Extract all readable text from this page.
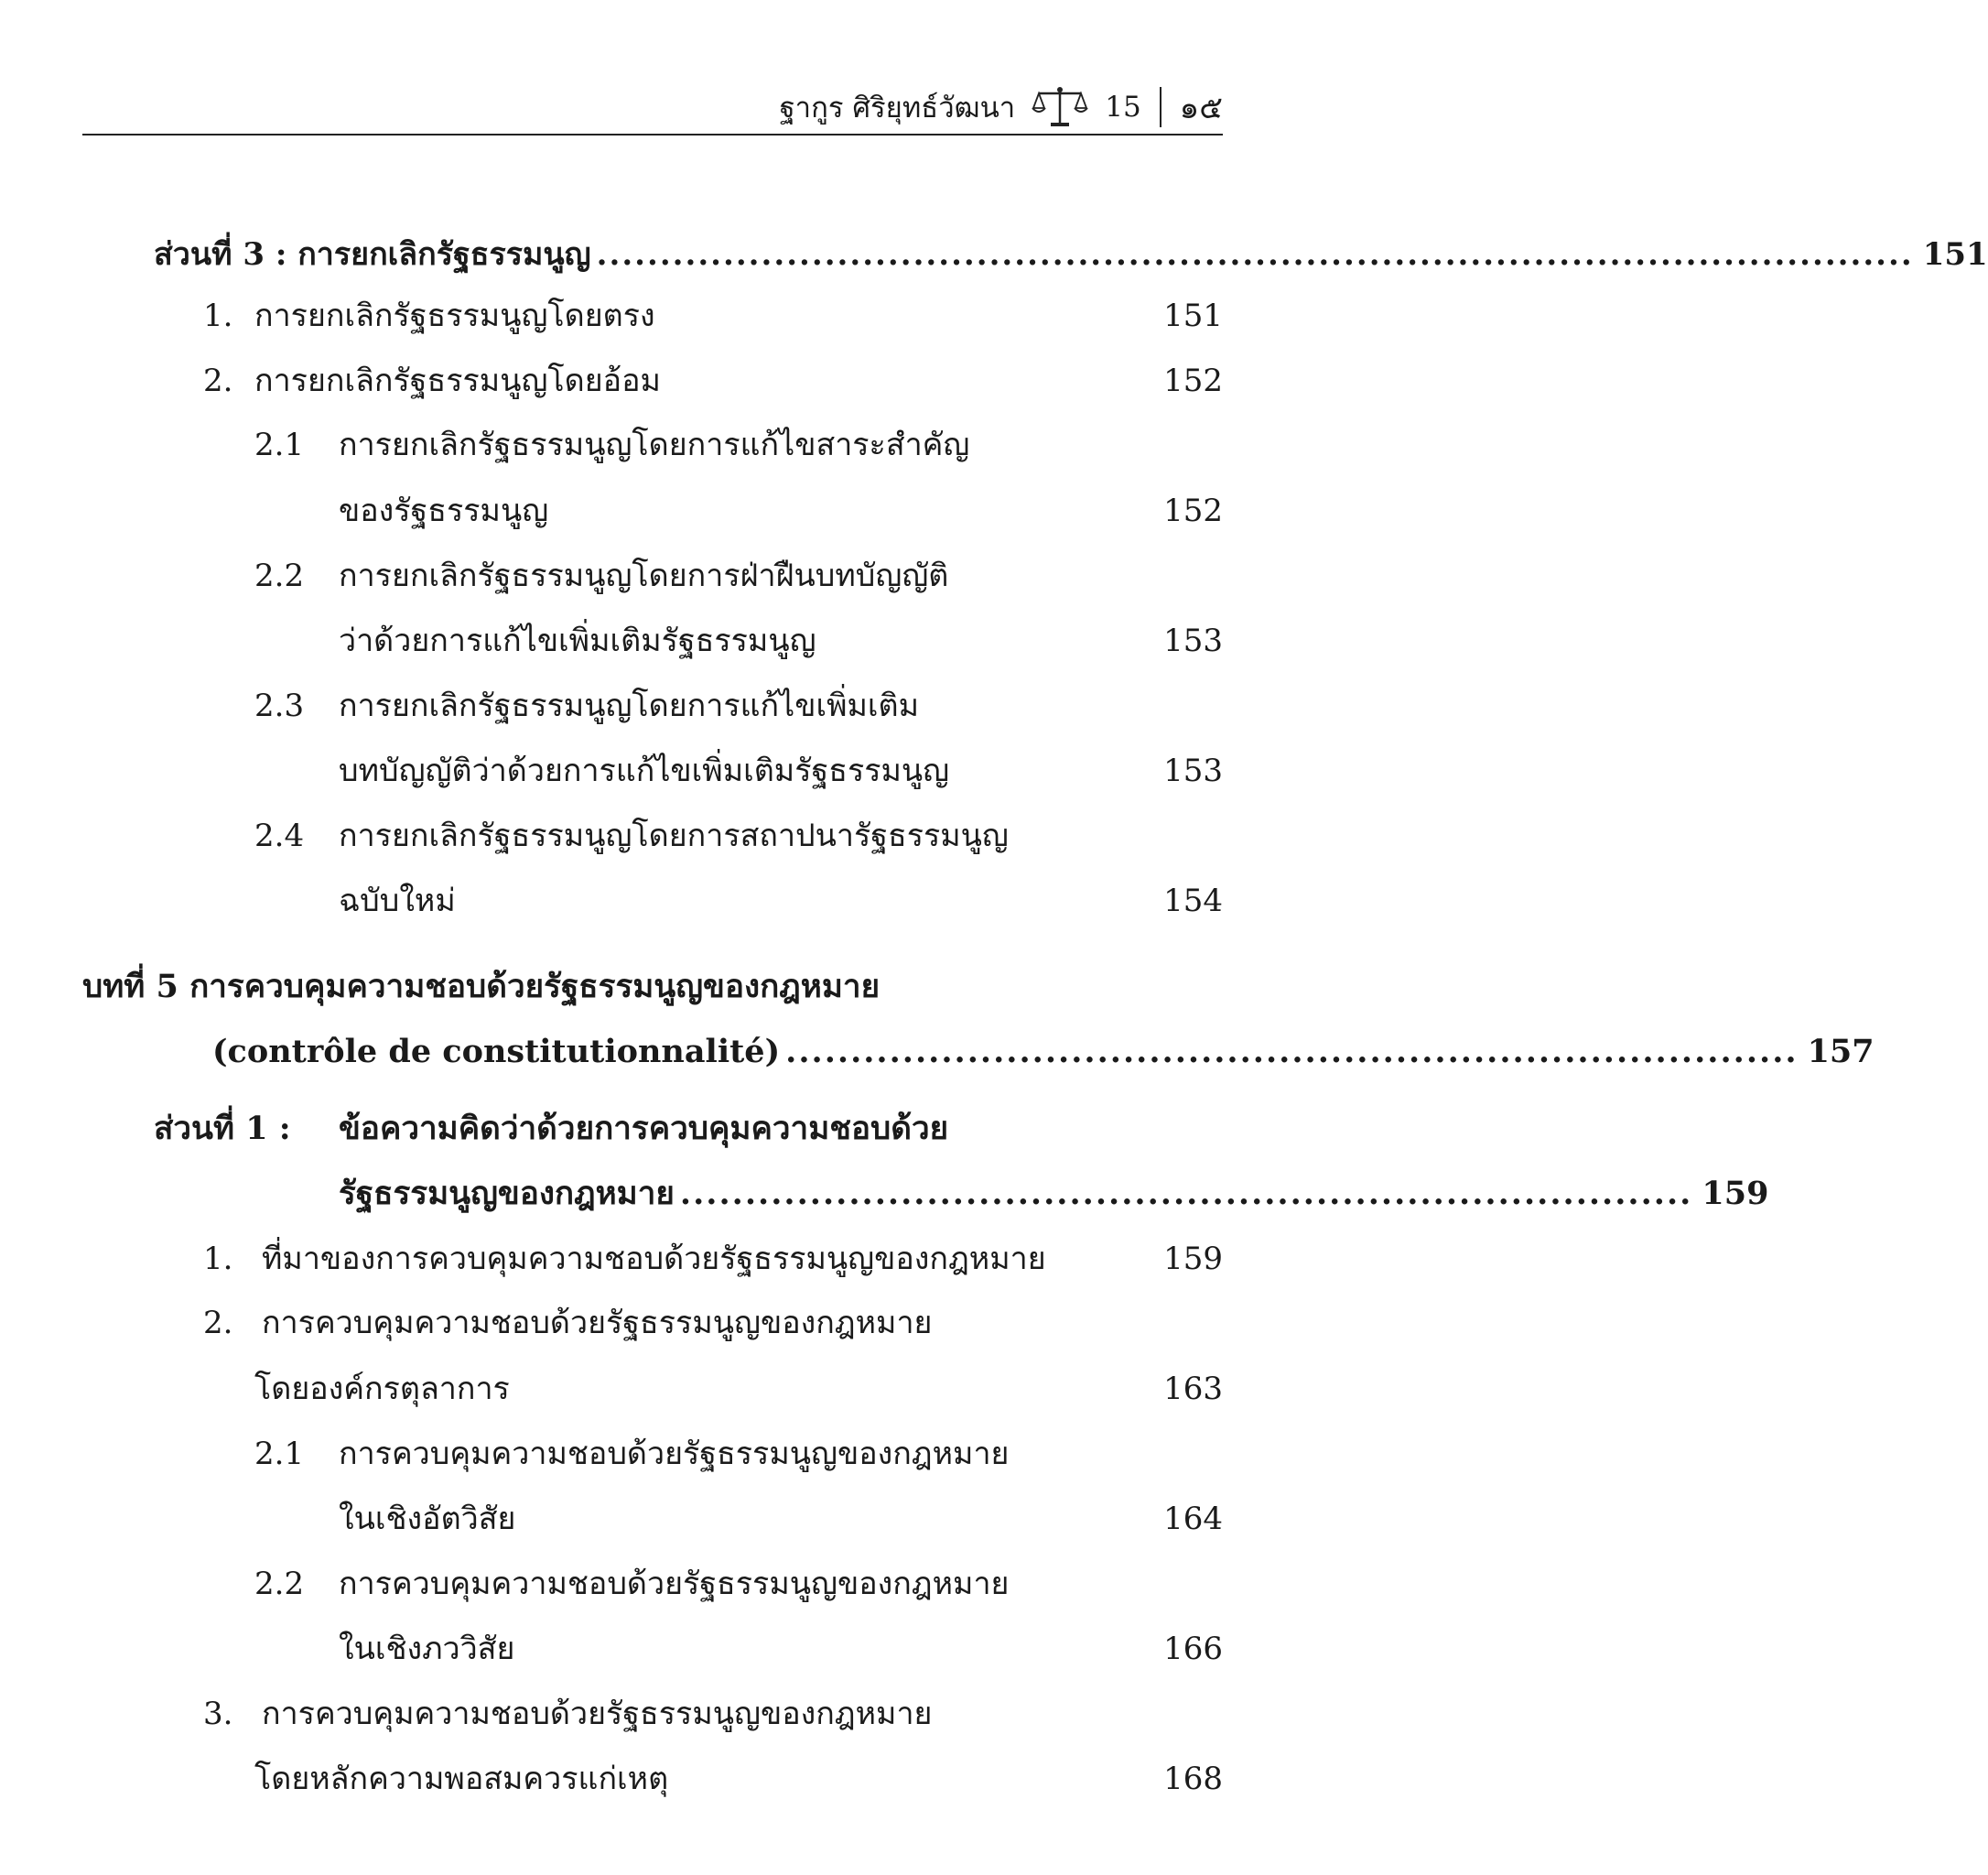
ฐากูร ศิริยุทธ์วัฒนา	15 ๑๕
ส่วนที่ 3 : การยกเลิกรัฐธรรมนูญ ........................................................................................................ 151
1. การยกเลิกรัฐธรรมนูญโดยตรง	151
2. การยกเลิกรัฐธรรมนูญโดยอ้อม	152
2.1 การยกเลิกรัฐธรรมนูญโดยการแก้ไขสาระสำคัญ
ของรัฐธรรมนูญ	152
2.2 การยกเลิกรัฐธรรมนูญโดยการฝ่าฝืนบทบัญญัติ
ว่าด้วยการแก้ไขเพิ่มเติมรัฐธรรมนูญ	153
2.3 การยกเลิกรัฐธรรมนูญโดยการแก้ไขเพิ่มเติม
บทบัญญัติว่าด้วยการแก้ไขเพิ่มเติมรัฐธรรมนูญ	153
2.4 การยกเลิกรัฐธรรมนูญโดยการสถาปนารัฐธรรมนูญ
ฉบับใหม่	154
บทที่ 5 การควบคุมความชอบด้วยรัฐธรรมนูญของกฎหมาย
(contrôle de constitutionnalité) .............................................................................. 157
ส่วนที่ 1 : ข้อความคิดว่าด้วยการควบคุมความชอบด้วย
รัฐธรรมนูญของกฎหมาย .............................................................................. 159
1. ที่มาของการควบคุมความชอบด้วยรัฐธรรมนูญของกฎหมาย	159
2. การควบคุมความชอบด้วยรัฐธรรมนูญของกฎหมาย
โดยองค์กรตุลาการ	163
2.1 การควบคุมความชอบด้วยรัฐธรรมนูญของกฎหมาย
ในเชิงอัตวิสัย	164
2.2 การควบคุมความชอบด้วยรัฐธรรมนูญของกฎหมาย
ในเชิงภววิสัย	166
3. การควบคุมความชอบด้วยรัฐธรรมนูญของกฎหมาย
โดยหลักความพอสมควรแก่เหตุ	168
